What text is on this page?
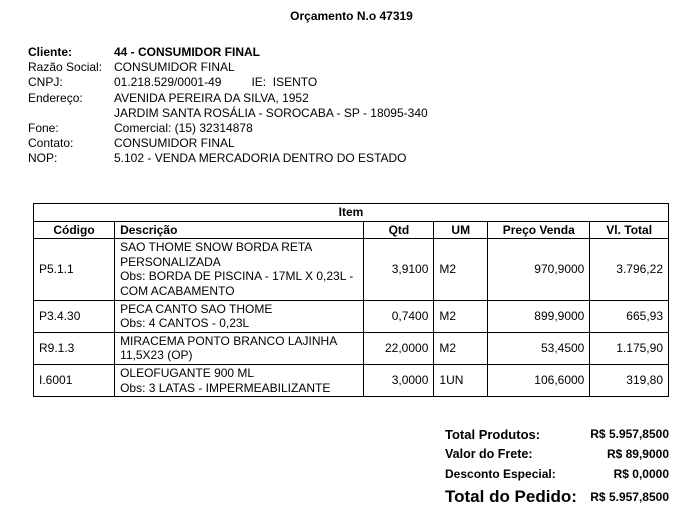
Orçamento N.o 47319
Cliente:	44 - CONSUMIDOR FINAL
Razão Social:	CONSUMIDOR FINAL
CNPJ:	01.218.529/0001-49 IE:  ISENTO
Endereço:	AVENIDA PEREIRA DA SILVA, 1952
	JARDIM SANTA ROSÁLIA - SOROCABA - SP - 18095-340
Fone:	Comercial: (15) 32314878
Contato:	CONSUMIDOR FINAL
NOP:	5.102 - VENDA MERCADORIA DENTRO DO ESTADO
Item					
Código	Descrição	Qtd	UM	Preço Venda	Vl. Total
P5.1.1	SAO THOME SNOW BORDA RETA
PERSONALIZADA
Obs: BORDA DE PISCINA - 17ML X 0,23L -
COM ACABAMENTO	3,9100	M2	970,9000	3.796,22
P3.4.30	PECA CANTO SAO THOME
Obs: 4 CANTOS - 0,23L	0,7400	M2	899,9000	665,93
R9.1.3	MIRACEMA PONTO BRANCO LAJINHA
11,5X23 (OP)	22,0000	M2	53,4500	1.175,90
I.6001	OLEOFUGANTE 900 ML
Obs: 3 LATAS - IMPERMEABILIZANTE	3,0000	1UN	106,6000	319,80
Total Produtos:	R$ 5.957,8500
Valor do Frete:	R$ 89,9000
Desconto Especial:	R$ 0,0000
Total do Pedido:	R$ 5.957,8500
